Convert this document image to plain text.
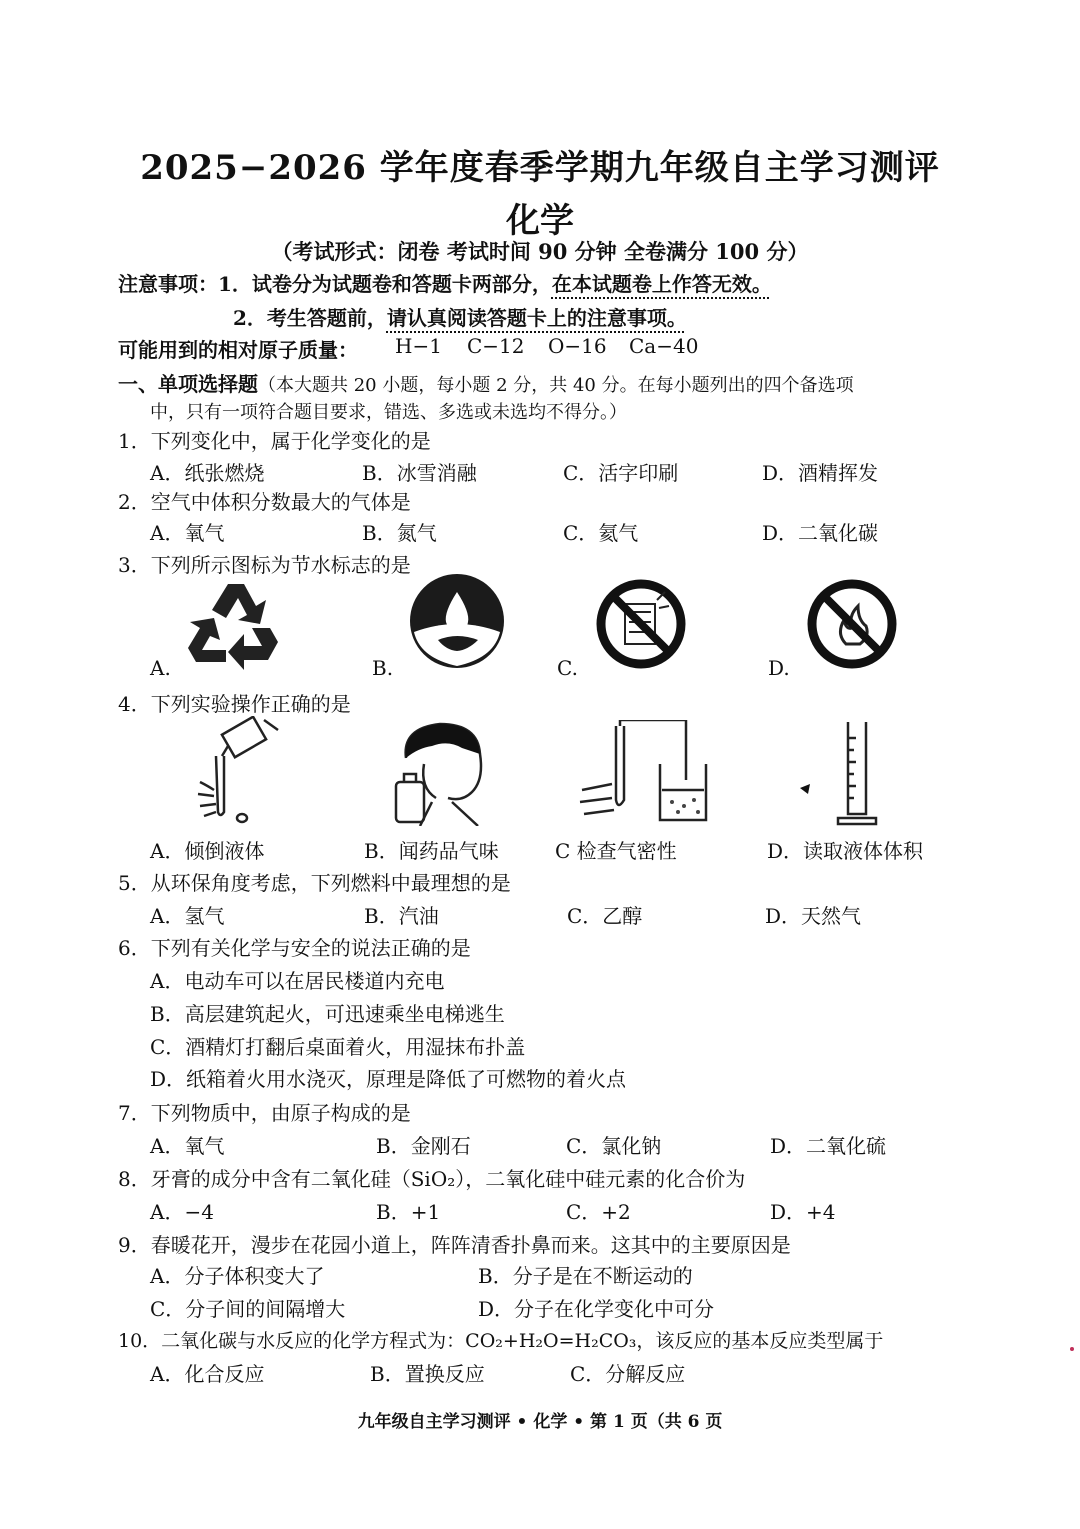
2025−2026 学年度春季学期九年级自主学习测评
化学
（考试形式：闭卷 考试时间 90 分钟 全卷满分 100 分）
注意事项：1．试卷分为试题卷和答题卡两部分，在本试题卷上作答无效。
2．考生答题前，请认真阅读答题卡上的注意事项。
可能用到的相对原子质量： H−1 C−12 O−16 Ca−40
一、单项选择题（本大题共 20 小题，每小题 2 分，共 40 分。在每小题列出的四个备选项
中，只有一项符合题目要求，错选、多选或未选均不得分。）
1．下列变化中，属于化学变化的是
A．纸张燃烧	B．冰雪消融	C．活字印刷	D．酒精挥发
2．空气中体积分数最大的气体是
A．氧气	B．氮气	C．氦气	D．二氧化碳
3．下列所示图标为节水标志的是
A.	B.	C.	D.
4．下列实验操作正确的是
A．倾倒液体	B．闻药品气味	C 检查气密性	D．读取液体体积
5．从环保角度考虑，下列燃料中最理想的是
A．氢气	B．汽油	C．乙醇	D．天然气
6．下列有关化学与安全的说法正确的是
A．电动车可以在居民楼道内充电
B．高层建筑起火，可迅速乘坐电梯逃生
C．酒精灯打翻后桌面着火，用湿抹布扑盖
D．纸箱着火用水浇灭，原理是降低了可燃物的着火点
7．下列物质中，由原子构成的是
A．氧气	B．金刚石	C．氯化钠	D．二氧化硫
8．牙膏的成分中含有二氧化硅（SiO₂），二氧化硅中硅元素的化合价为
A．−4	B．+1	C．+2	D．+4
9．春暖花开，漫步在花园小道上，阵阵清香扑鼻而来。这其中的主要原因是
A．分子体积变大了	B．分子是在不断运动的
C．分子间的间隔增大	D．分子在化学变化中可分
10．二氧化碳与水反应的化学方程式为：CO₂+H₂O=H₂CO₃，该反应的基本反应类型属于
A．化合反应	B．置换反应	C．分解反应
九年级自主学习测评 • 化学 • 第 1 页（共 6 页
